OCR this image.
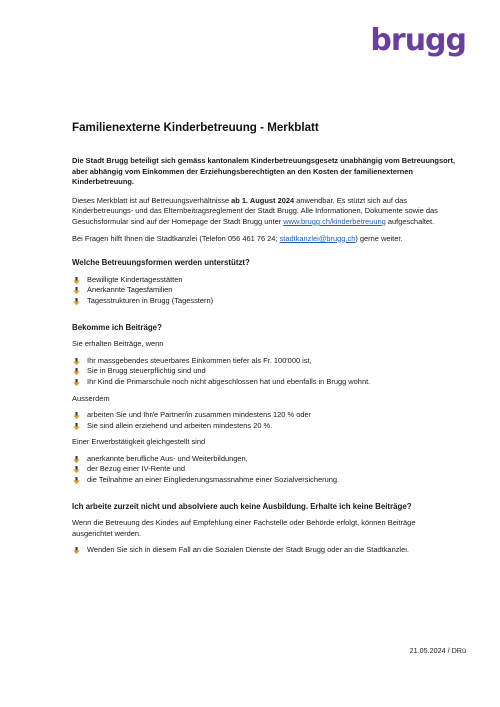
brugg
Familienexterne Kinderbetreuung - Merkblatt

Die Stadt Brugg beteiligt sich gemäss kantonalem Kinderbetreuungsgesetz unabhängig vom Betreuungsort, aber abhängig vom Einkommen der Erziehungsberechtigten an den Kosten der familienexternen Kinderbetreuung.

Dieses Merkblatt ist auf Betreuungsverhältnisse ab 1. August 2024 anwendbar. Es stützt sich auf das Kinderbetreuungs- und das Elternbeitragsreglement der Stadt Brugg. Alle Informationen, Dokumente sowie das Gesuchsformular sind auf der Homepage der Stadt Brugg unter www.brugg.ch/kinderbetreuung aufgeschaltet.

Bei Fragen hilft Ihnen die Stadtkanzlei (Telefon 056 461 76 24; stadtkanzlei@brugg.ch) gerne weiter.

Welche Betreuungsformen werden unterstützt?
Bewilligte Kindertagesstätten
Anerkannte Tagesfamilien
Tagesstrukturen in Brugg (Tagesstern)
Bekomme ich Beiträge?

Sie erhalten Beiträge, wenn

Ihr massgebendes steuerbares Einkommen tiefer als Fr. 100'000 ist,
Sie in Brugg steuerpflichtig sind und
Ihr Kind die Primarschule noch nicht abgeschlossen hat und ebenfalls in Brugg wohnt.

Ausserdem

arbeiten Sie und Ihr/e Partner/in zusammen mindestens 120 % oder
Sie sind allein erziehend und arbeiten mindestens 20 %.

Einer Erwerbstätigkeit gleichgestellt sind

anerkannte berufliche Aus- und Weiterbildungen,
der Bezug einer IV-Rente und
die Teilnahme an einer Eingliederungsmassnahme einer Sozialversicherung.
Ich arbeite zurzeit nicht und absolviere auch keine Ausbildung. Erhalte ich keine Beiträge?

Wenn die Betreuung des Kindes auf Empfehlung einer Fachstelle oder Behörde erfolgt, können Beiträge ausgerichtet werden.

Wenden Sie sich in diesem Fall an die Sozialen Dienste der Stadt Brugg oder an die Stadtkanzlei.
21.05.2024 / DRü
